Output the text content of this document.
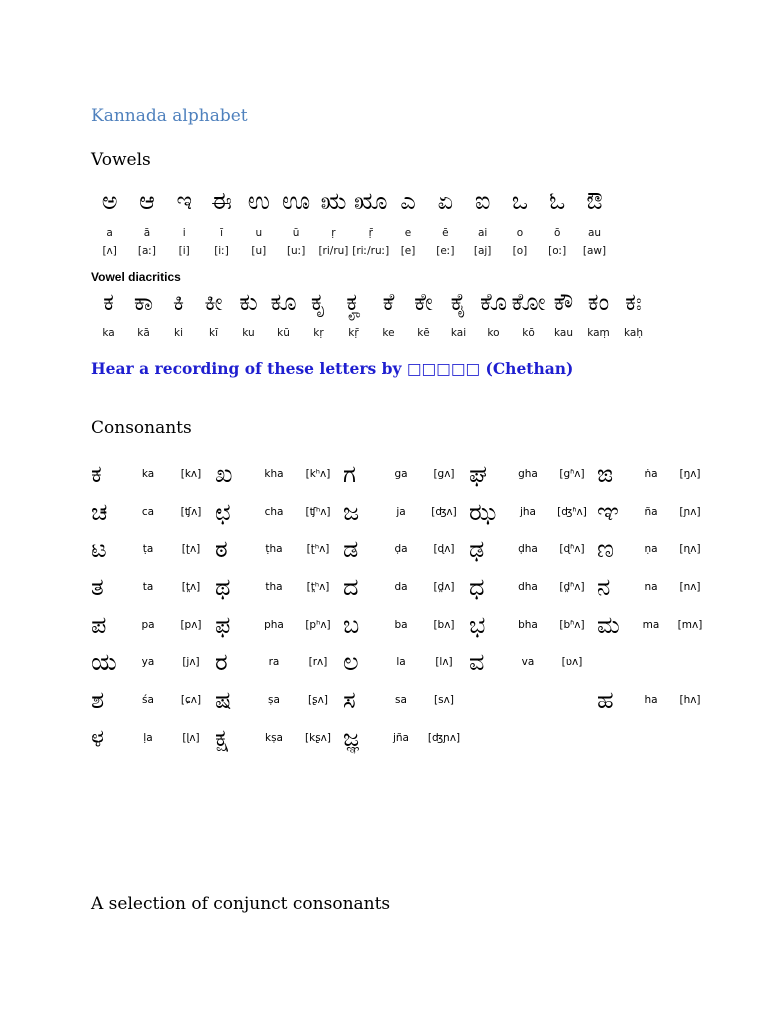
Kannada alphabet
Vowels
ಅ ಆ ಇ ಈ ಉ ಊ ಋ ೠ ಎ ಏ ಐ ಒ ಓ ಔ
a	ā	i	ī	u	ū	ṛ	ṝ	e	ē	ai	o	ō	au
[ʌ]	[aː]	[i]	[iː]	[u]	[uː]	[ri/ru] [riː/ruː]	[e]	[eː]	[aj]	[o]	[oː]	[aw]
Vowel diacritics
ಕ ಕಾ ಕಿ ಕೀ ಕು ಕೂ ಕೃ ಕೄ ಕೆ ಕೇ ಕೈ ಕೊ ಕೋ ಕೌ ಕಂ ಕಃ
ka	kā	ki	kī	ku	kū	kṛ	kṝ	ke	kē	kai	ko	kō	kau	kaṃ	kaḥ
Hear a recording of these letters by □□□□□ (Chethan)
Consonants
ಕ	ka	[kʌ] ಖ	kha	[kʰʌ] ಗ	ga	[gʌ] ಘ	gha	[gʱʌ] ಙ	ṅa	[ŋʌ]
ಚ	ca	[ʧʌ] ಛ	cha	[ʧʰʌ] ಜ	ja	[ʤʌ] ಝ	jha	[ʤʱʌ] ಞ	ña	[ɲʌ]
ಟ	ṭa	[ʈʌ] ಠ	ṭha	[ʈʰʌ] ಡ	ḍa	[ɖʌ] ಢ	ḍha	[ɖʱʌ] ಣ	ṇa	[ɳʌ]
ತ	ta	[t̪ʌ] ಥ	tha	[t̪ʰʌ] ದ	da	[d̪ʌ] ಧ	dha	[d̪ʱʌ] ನ	na	[nʌ]
ಪ	pa	[pʌ] ಫ	pha	[pʰʌ] ಬ	ba	[bʌ] ಭ	bha	[bʱʌ] ಮ	ma	[mʌ]
ಯ	ya	[jʌ] ರ	ra	[rʌ] ಲ	la	[lʌ] ವ	va	[ʋʌ]
ಶ	śa	[ɕʌ] ಷ	ṣa	[ʂʌ] ಸ	sa	[sʌ]	ಹ	ha	[hʌ]
ಳ	ḷa	[ɭʌ] ಕ್ಷ	kṣa	[kʂʌ] ಜ್ಞ	jña	[ʤɲʌ]
A selection of conjunct consonants
